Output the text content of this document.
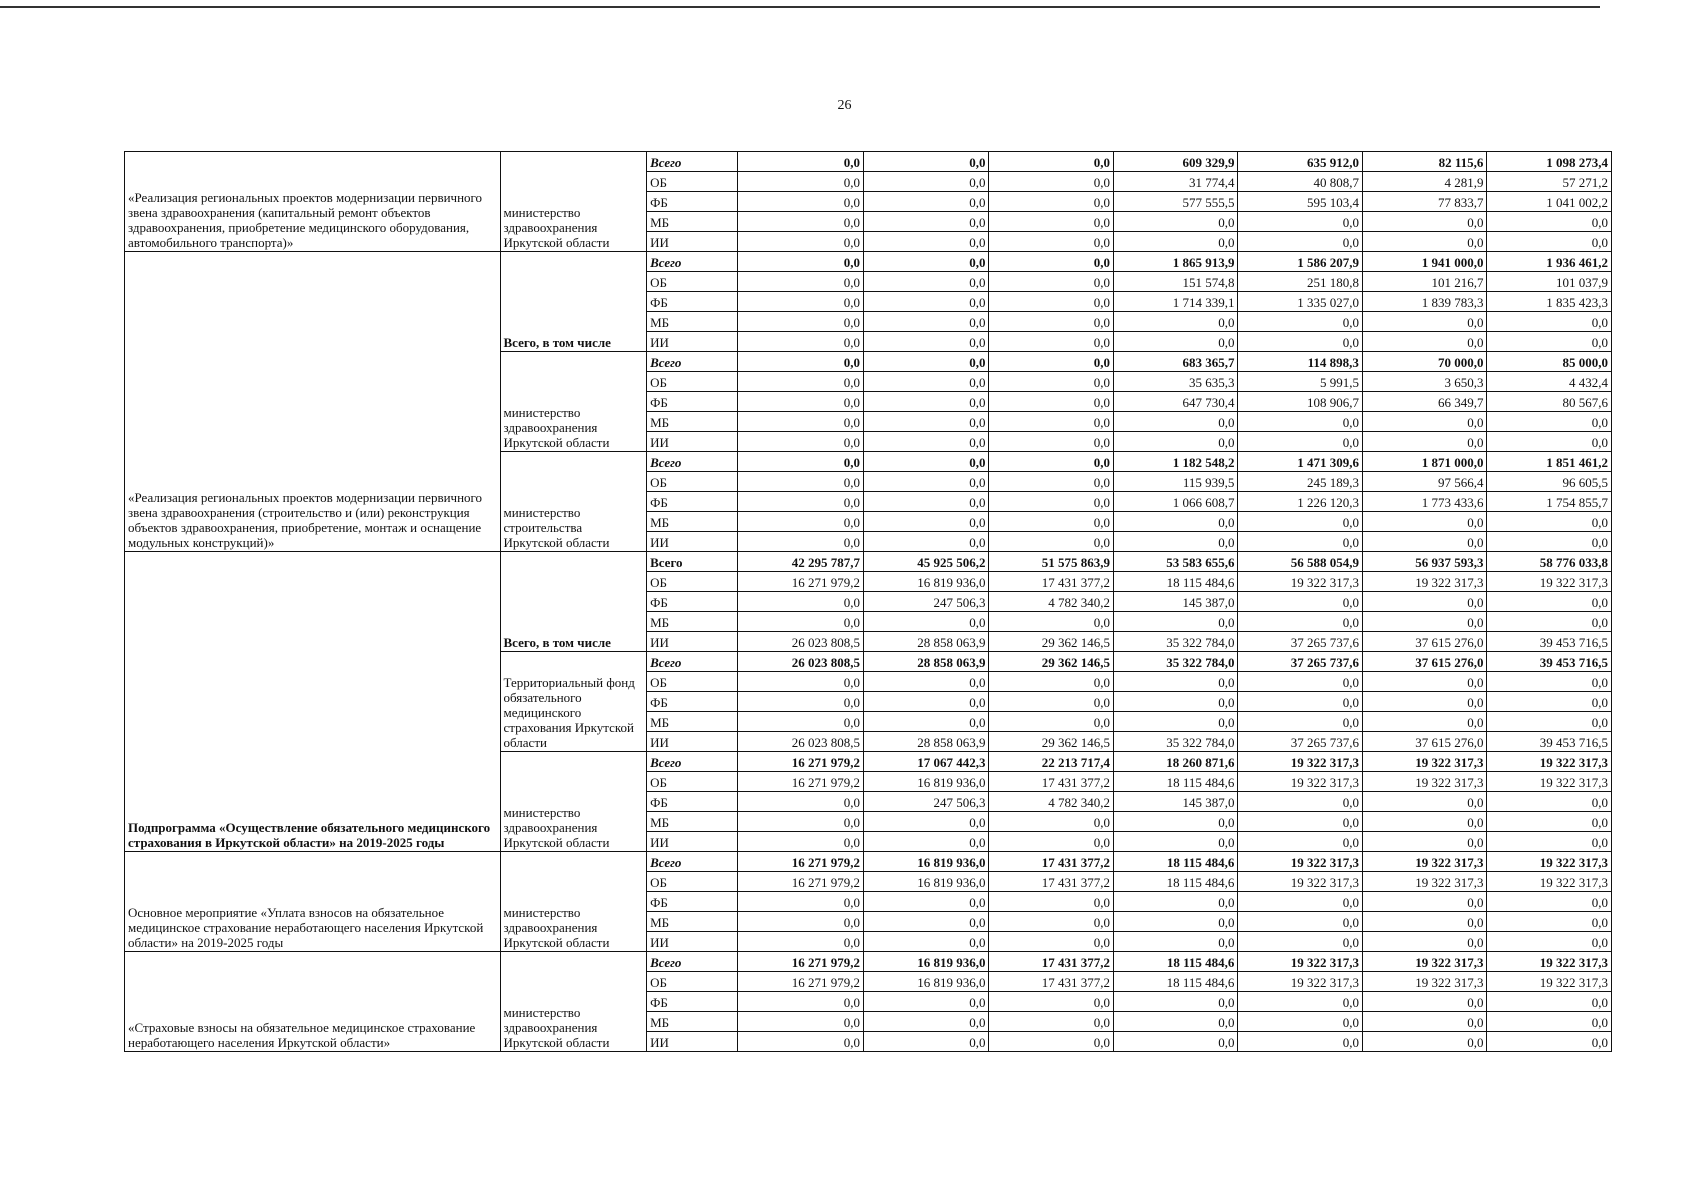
26
«Реализация региональных проектов модернизации первичного звена здравоохранения (капитальный ремонт объектов здравоохранения, приобретение медицинского оборудования, автомобильного транспорта)»	министерство здравоохранения Иркутской области	Всего	0,0	0,0	0,0	609 329,9	635 912,0	82 115,6	1 098 273,4
		ОБ	0,0	0,0	0,0	31 774,4	40 808,7	4 281,9	57 271,2
		ФБ	0,0	0,0	0,0	577 555,5	595 103,4	77 833,7	1 041 002,2
		МБ	0,0	0,0	0,0	0,0	0,0	0,0	0,0
		ИИ	0,0	0,0	0,0	0,0	0,0	0,0	0,0
«Реализация региональных проектов модернизации первичного звена здравоохранения (строительство и (или) реконструкция объектов здравоохранения, приобретение, монтаж и оснащение модульных конструкций)»	Всего, в том числе	Всего	0,0	0,0	0,0	1 865 913,9	1 586 207,9	1 941 000,0	1 936 461,2
		ОБ	0,0	0,0	0,0	151 574,8	251 180,8	101 216,7	101 037,9
		ФБ	0,0	0,0	0,0	1 714 339,1	1 335 027,0	1 839 783,3	1 835 423,3
		МБ	0,0	0,0	0,0	0,0	0,0	0,0	0,0
		ИИ	0,0	0,0	0,0	0,0	0,0	0,0	0,0
	министерство здравоохранения Иркутской области	Всего	0,0	0,0	0,0	683 365,7	114 898,3	70 000,0	85 000,0
		ОБ	0,0	0,0	0,0	35 635,3	5 991,5	3 650,3	4 432,4
		ФБ	0,0	0,0	0,0	647 730,4	108 906,7	66 349,7	80 567,6
		МБ	0,0	0,0	0,0	0,0	0,0	0,0	0,0
		ИИ	0,0	0,0	0,0	0,0	0,0	0,0	0,0
	министерство строительства Иркутской области	Всего	0,0	0,0	0,0	1 182 548,2	1 471 309,6	1 871 000,0	1 851 461,2
		ОБ	0,0	0,0	0,0	115 939,5	245 189,3	97 566,4	96 605,5
		ФБ	0,0	0,0	0,0	1 066 608,7	1 226 120,3	1 773 433,6	1 754 855,7
		МБ	0,0	0,0	0,0	0,0	0,0	0,0	0,0
		ИИ	0,0	0,0	0,0	0,0	0,0	0,0	0,0
Подпрограмма «Осуществление обязательного медицинского страхования в Иркутской области» на 2019-2025 годы	Всего, в том числе	Всего	42 295 787,7	45 925 506,2	51 575 863,9	53 583 655,6	56 588 054,9	56 937 593,3	58 776 033,8
		ОБ	16 271 979,2	16 819 936,0	17 431 377,2	18 115 484,6	19 322 317,3	19 322 317,3	19 322 317,3
		ФБ	0,0	247 506,3	4 782 340,2	145 387,0	0,0	0,0	0,0
		МБ	0,0	0,0	0,0	0,0	0,0	0,0	0,0
		ИИ	26 023 808,5	28 858 063,9	29 362 146,5	35 322 784,0	37 265 737,6	37 615 276,0	39 453 716,5
	Территориальный фонд обязательного медицинского страхования Иркутской области	Всего	26 023 808,5	28 858 063,9	29 362 146,5	35 322 784,0	37 265 737,6	37 615 276,0	39 453 716,5
		ОБ	0,0	0,0	0,0	0,0	0,0	0,0	0,0
		ФБ	0,0	0,0	0,0	0,0	0,0	0,0	0,0
		МБ	0,0	0,0	0,0	0,0	0,0	0,0	0,0
		ИИ	26 023 808,5	28 858 063,9	29 362 146,5	35 322 784,0	37 265 737,6	37 615 276,0	39 453 716,5
	министерство здравоохранения Иркутской области	Всего	16 271 979,2	17 067 442,3	22 213 717,4	18 260 871,6	19 322 317,3	19 322 317,3	19 322 317,3
		ОБ	16 271 979,2	16 819 936,0	17 431 377,2	18 115 484,6	19 322 317,3	19 322 317,3	19 322 317,3
		ФБ	0,0	247 506,3	4 782 340,2	145 387,0	0,0	0,0	0,0
		МБ	0,0	0,0	0,0	0,0	0,0	0,0	0,0
		ИИ	0,0	0,0	0,0	0,0	0,0	0,0	0,0
Основное мероприятие «Уплата взносов на обязательное медицинское страхование неработающего населения Иркутской области» на 2019-2025 годы	министерство здравоохранения Иркутской области	Всего	16 271 979,2	16 819 936,0	17 431 377,2	18 115 484,6	19 322 317,3	19 322 317,3	19 322 317,3
		ОБ	16 271 979,2	16 819 936,0	17 431 377,2	18 115 484,6	19 322 317,3	19 322 317,3	19 322 317,3
		ФБ	0,0	0,0	0,0	0,0	0,0	0,0	0,0
		МБ	0,0	0,0	0,0	0,0	0,0	0,0	0,0
		ИИ	0,0	0,0	0,0	0,0	0,0	0,0	0,0
«Страховые взносы на обязательное медицинское страхование неработающего населения Иркутской области»	министерство здравоохранения Иркутской области	Всего	16 271 979,2	16 819 936,0	17 431 377,2	18 115 484,6	19 322 317,3	19 322 317,3	19 322 317,3
		ОБ	16 271 979,2	16 819 936,0	17 431 377,2	18 115 484,6	19 322 317,3	19 322 317,3	19 322 317,3
		ФБ	0,0	0,0	0,0	0,0	0,0	0,0	0,0
		МБ	0,0	0,0	0,0	0,0	0,0	0,0	0,0
		ИИ	0,0	0,0	0,0	0,0	0,0	0,0	0,0
